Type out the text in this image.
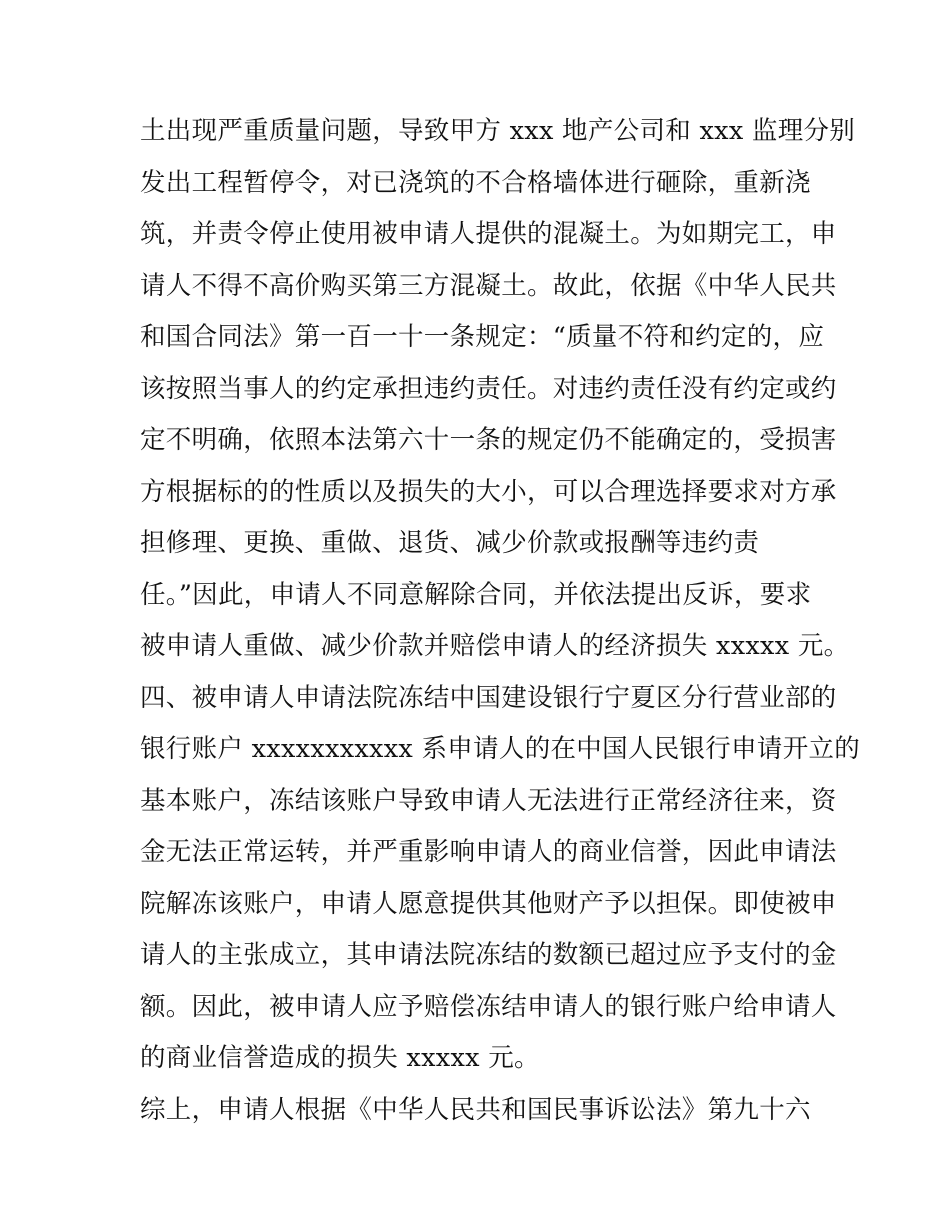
土出现严重质量问题，导致甲方 xxx 地产公司和 xxx 监理分别
发出工程暂停令，对已浇筑的不合格墙体进行砸除，重新浇
筑，并责令停止使用被申请人提供的混凝土。为如期完工，申
请人不得不高价购买第三方混凝土。故此，依据《中华人民共
和国合同法》第一百一十一条规定：“质量不符和约定的，应
该按照当事人的约定承担违约责任。对违约责任没有约定或约
定不明确，依照本法第六十一条的规定仍不能确定的，受损害
方根据标的的性质以及损失的大小，可以合理选择要求对方承
担修理、更换、重做、退货、减少价款或报酬等违约责
任。”因此，申请人不同意解除合同，并依法提出反诉，要求
被申请人重做、减少价款并赔偿申请人的经济损失 xxxxx 元。
四、被申请人申请法院冻结中国建设银行宁夏区分行营业部的
银行账户 xxxxxxxxxxx 系申请人的在中国人民银行申请开立的
基本账户，冻结该账户导致申请人无法进行正常经济往来，资
金无法正常运转，并严重影响申请人的商业信誉，因此申请法
院解冻该账户，申请人愿意提供其他财产予以担保。即使被申
请人的主张成立，其申请法院冻结的数额已超过应予支付的金
额。因此，被申请人应予赔偿冻结申请人的银行账户给申请人
的商业信誉造成的损失 xxxxx 元。
综上，申请人根据《中华人民共和国民事诉讼法》第九十六
